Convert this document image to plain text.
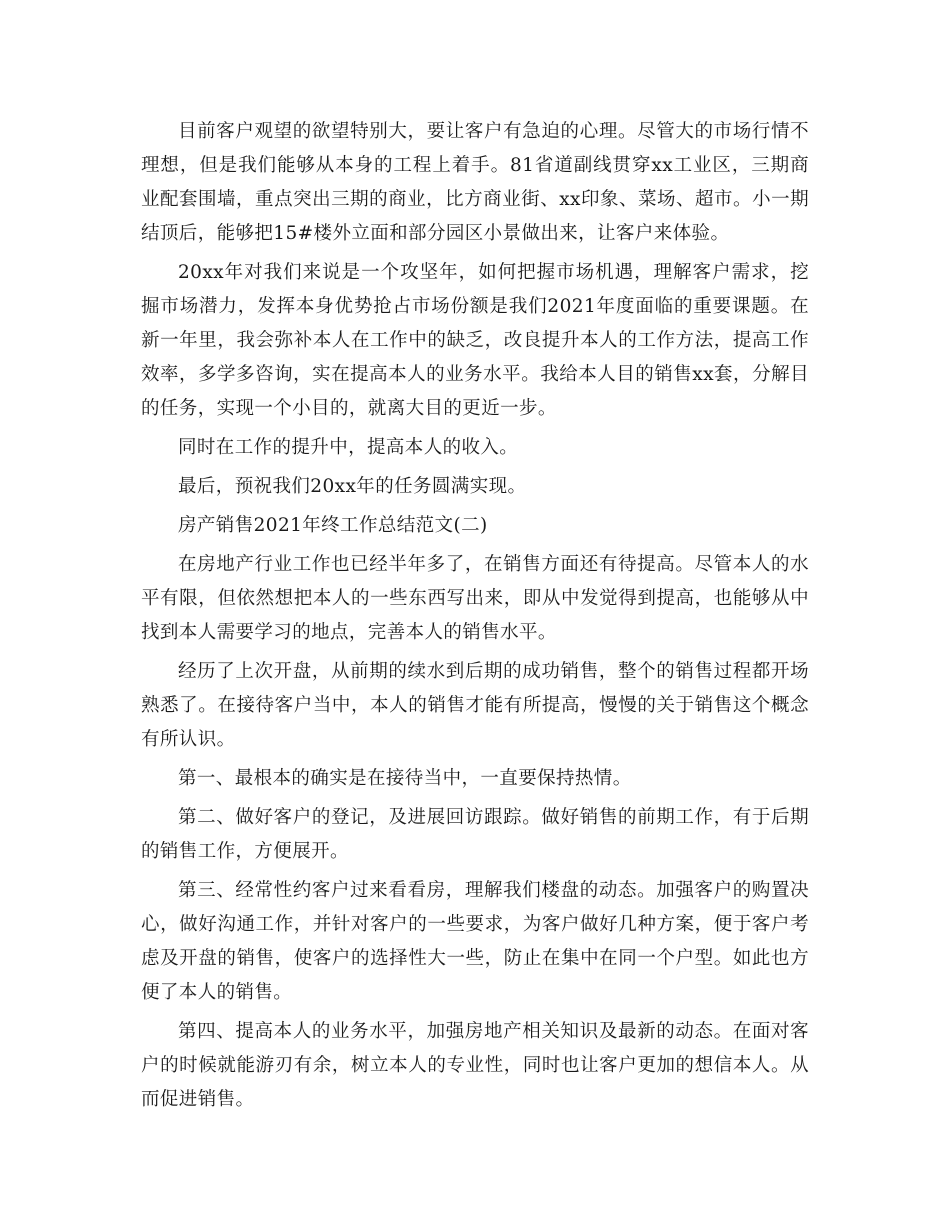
目前客户观望的欲望特别大，要让客户有急迫的心理。尽管大的市场行情不理想，但是我们能够从本身的工程上着手。81省道副线贯穿xx工业区，三期商业配套围墙，重点突出三期的商业，比方商业街、xx印象、菜场、超市。小一期结顶后，能够把15#楼外立面和部分园区小景做出来，让客户来体验。

20xx年对我们来说是一个攻坚年，如何把握市场机遇，理解客户需求，挖掘市场潜力，发挥本身优势抢占市场份额是我们2021年度面临的重要课题。在新一年里，我会弥补本人在工作中的缺乏，改良提升本人的工作方法，提高工作效率，多学多咨询，实在提高本人的业务水平。我给本人目的销售xx套，分解目的任务，实现一个小目的，就离大目的更近一步。

同时在工作的提升中，提高本人的收入。

最后，预祝我们20xx年的任务圆满实现。

房产销售2021年终工作总结范文(二)

在房地产行业工作也已经半年多了，在销售方面还有待提高。尽管本人的水平有限，但依然想把本人的一些东西写出来，即从中发觉得到提高，也能够从中找到本人需要学习的地点，完善本人的销售水平。

经历了上次开盘，从前期的续水到后期的成功销售，整个的销售过程都开场熟悉了。在接待客户当中，本人的销售才能有所提高，慢慢的关于销售这个概念有所认识。

第一、最根本的确实是在接待当中，一直要保持热情。

第二、做好客户的登记，及进展回访跟踪。做好销售的前期工作，有于后期的销售工作，方便展开。

第三、经常性约客户过来看看房，理解我们楼盘的动态。加强客户的购置决心，做好沟通工作，并针对客户的一些要求，为客户做好几种方案，便于客户考虑及开盘的销售，使客户的选择性大一些，防止在集中在同一个户型。如此也方便了本人的销售。

第四、提高本人的业务水平，加强房地产相关知识及最新的动态。在面对客户的时候就能游刃有余，树立本人的专业性，同时也让客户更加的想信本人。从而促进销售。
